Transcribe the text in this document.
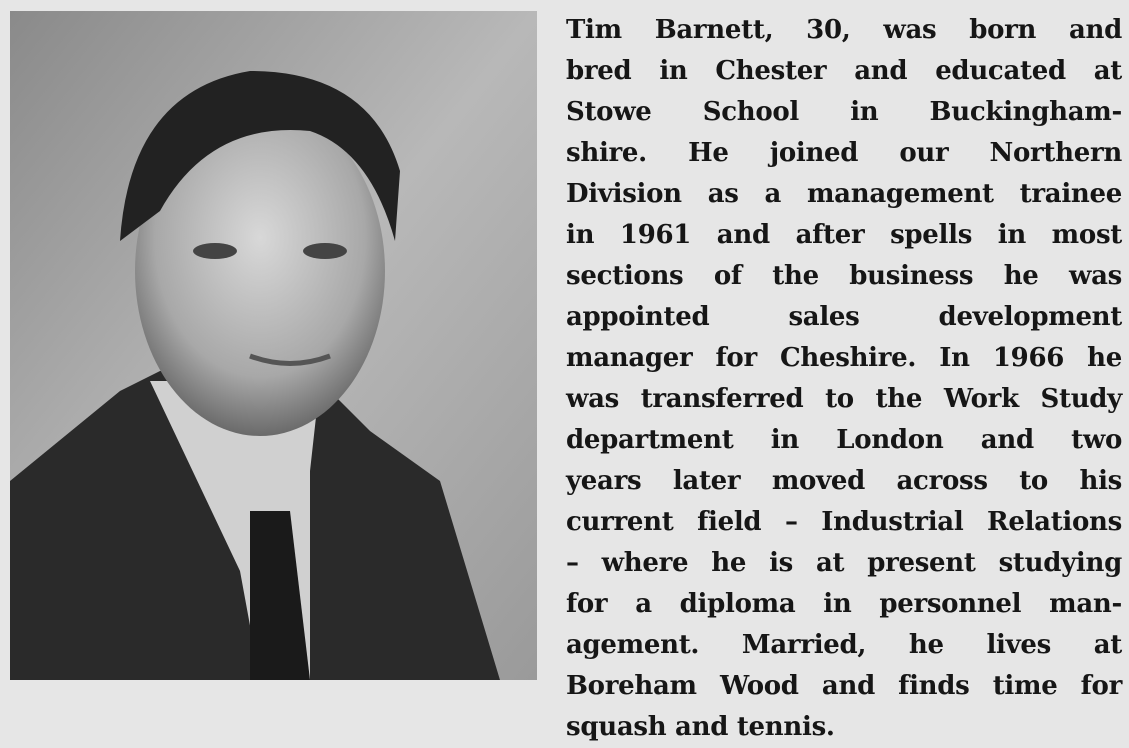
Tim Barnett, 30, was born and
bred in Chester and educated at
Stowe School in Buckingham-
shire. He joined our Northern
Division as a management trainee
in 1961 and after spells in most
sections of the business he was
appointed sales development
manager for Cheshire. In 1966 he
was transferred to the Work Study
department in London and two
years later moved across to his
current field – Industrial Relations
– where he is at present studying
for a diploma in personnel man-
agement. Married, he lives at
Boreham Wood and finds time for
squash and tennis.
